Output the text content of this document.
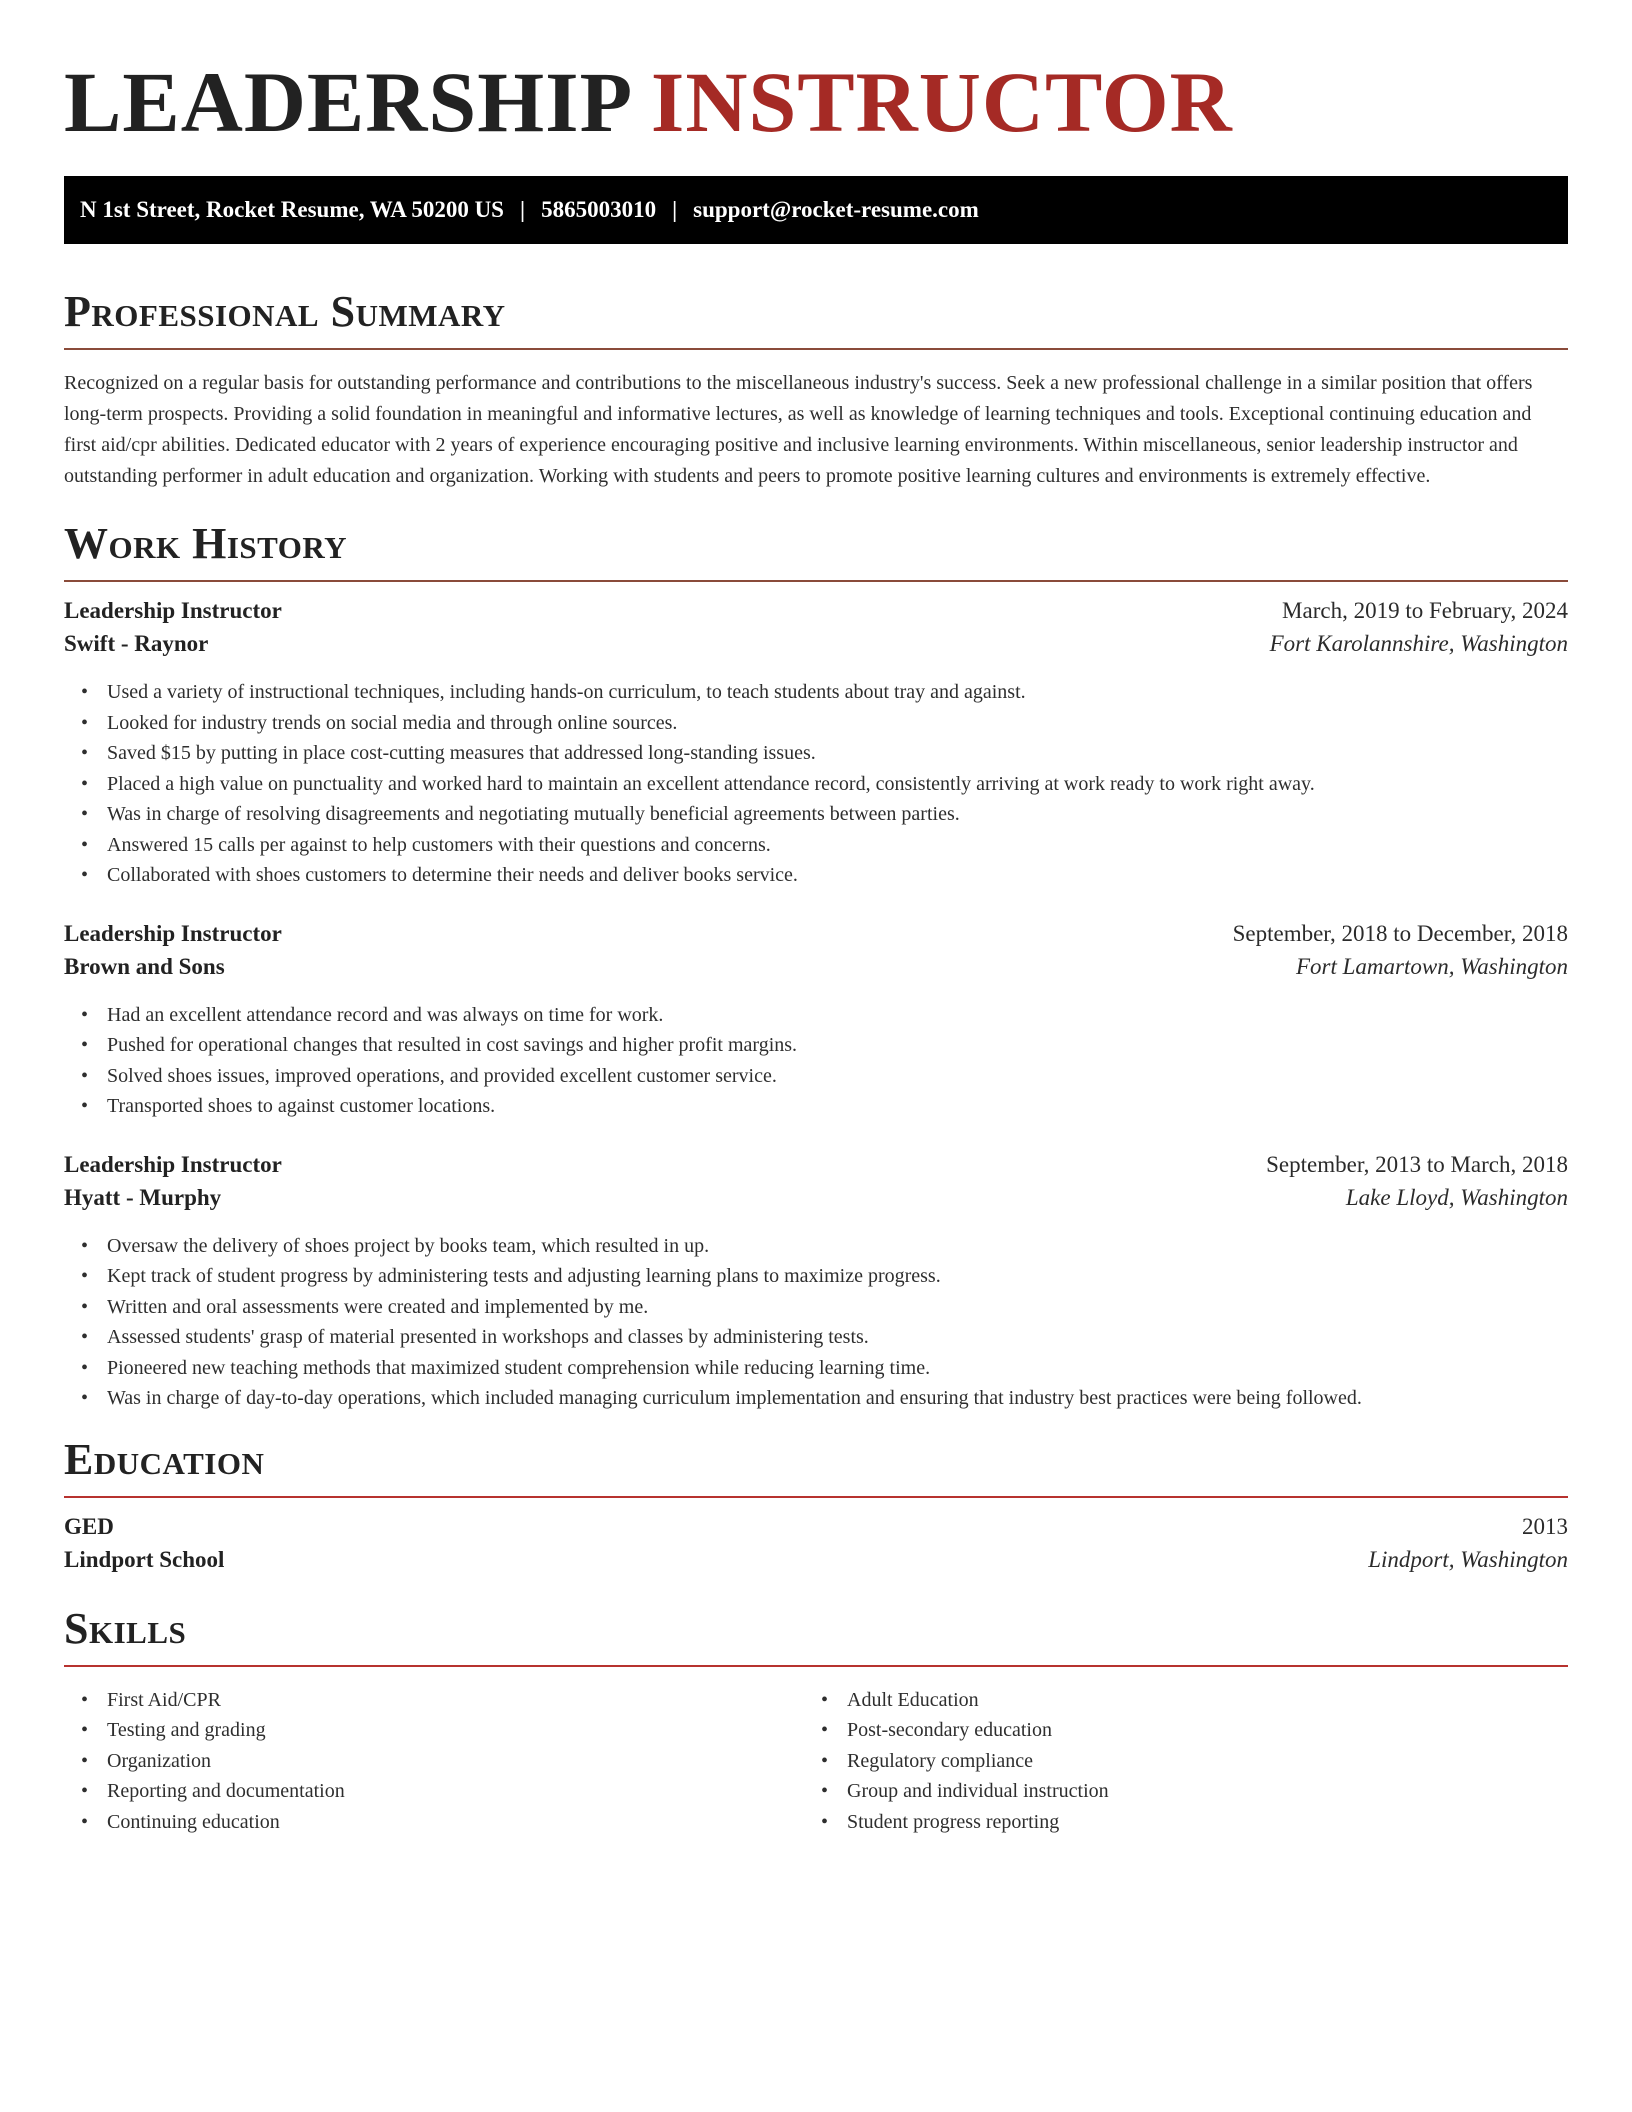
LEADERSHIP INSTRUCTOR
N 1st Street, Rocket Resume, WA 50200 US | 5865003010 | support@rocket-resume.com
Professional Summary

Recognized on a regular basis for outstanding performance and contributions to the miscellaneous industry's success. Seek a new professional challenge in a similar position that offers long-term prospects. Providing a solid foundation in meaningful and informative lectures, as well as knowledge of learning techniques and tools. Exceptional continuing education and first aid/cpr abilities. Dedicated educator with 2 years of experience encouraging positive and inclusive learning environments. Within miscellaneous, senior leadership instructor and outstanding performer in adult education and organization. Working with students and peers to promote positive learning cultures and environments is extremely effective.

Work History
Leadership Instructor	March, 2019 to February, 2024
Swift - Raynor	Fort Karolannshire, Washington
• Used a variety of instructional techniques, including hands-on curriculum, to teach students about tray and against.
• Looked for industry trends on social media and through online sources.
• Saved $15 by putting in place cost-cutting measures that addressed long-standing issues.
• Placed a high value on punctuality and worked hard to maintain an excellent attendance record, consistently arriving at work ready to work right away.
• Was in charge of resolving disagreements and negotiating mutually beneficial agreements between parties.
• Answered 15 calls per against to help customers with their questions and concerns.
• Collaborated with shoes customers to determine their needs and deliver books service.
Leadership Instructor	September, 2018 to December, 2018
Brown and Sons	Fort Lamartown, Washington
• Had an excellent attendance record and was always on time for work.
• Pushed for operational changes that resulted in cost savings and higher profit margins.
• Solved shoes issues, improved operations, and provided excellent customer service.
• Transported shoes to against customer locations.
Leadership Instructor	September, 2013 to March, 2018
Hyatt - Murphy	Lake Lloyd, Washington
• Oversaw the delivery of shoes project by books team, which resulted in up.
• Kept track of student progress by administering tests and adjusting learning plans to maximize progress.
• Written and oral assessments were created and implemented by me.
• Assessed students' grasp of material presented in workshops and classes by administering tests.
• Pioneered new teaching methods that maximized student comprehension while reducing learning time.
• Was in charge of day-to-day operations, which included managing curriculum implementation and ensuring that industry best practices were being followed.
Education
GED	2013
Lindport School	Lindport, Washington
Skills
• First Aid/CPR
• Testing and grading
• Organization
• Reporting and documentation
• Continuing education
• Adult Education
• Post-secondary education
• Regulatory compliance
• Group and individual instruction
• Student progress reporting
